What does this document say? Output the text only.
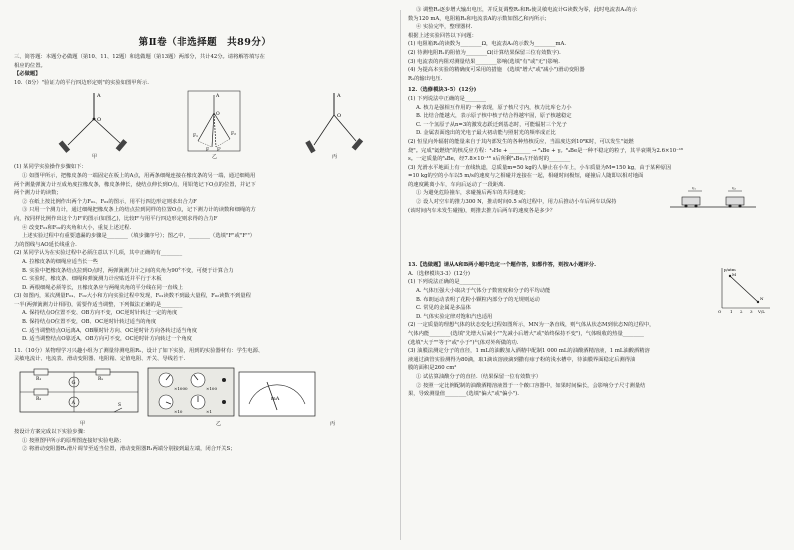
第Ⅱ卷（非选择题　共89分）

三、简答题：本题分必做题（第10、11、12题）和选做题（第13题）两部分，共计42分。请将解答填写在

相应的位置。

【必做题】

10.（8分）"验证力的平行四边形定则"的实验如图甲所示.

A
O
甲
A
O
F₁	F₂
F F'
乙
A
O
丙

(1) 某同学实验操作步骤如下：

① 如图甲所示，把橡皮条的一端固定在板上的A点，用两条细绳连接在橡皮条的另一端，通过细绳用

两个测量弹簧力计互成角度拉橡皮条，橡皮条伸长，使结点伸长到O点，用铅笔记下O点的位置，并记下

两个测力计的读数；

② 在纸上按比例作出两个力F₀₁、F₀₂的图示，用平行四边形定则求出合力F

③ 只用一个测力计，通过细绳把橡皮条上的结点拉到同样的位置O点，记下测力计的读数和细绳的方

向，按同样比例作出这个力F'的图示(如图乙)，比较F'与用平行四边形定则求得的合力F

④ 改变F₀₁和F₀₂的夹角和大小，重复上述过程.

上述实验过程中有重要遗漏的步骤是________（填步骤序号）；图乙中，________（选填"F"或"F'"）

力的图线与AO延长线重合.

(2) 某同学认为在实验过程中必须注意以下几项，其中正确的有________

A. 拉橡皮条的细绳应适当长一些

B. 实验中把橡皮条结点拉到O点时，两弹簧测力计之间的夹角为90°不变，可便于计算合力

C. 实验时，橡皮条、细绳和弹簧测力计应贴近并平行于木板

D. 两根细绳必须等长，且橡皮条应与两绳夹角的平分线在同一直线上

(3) 如图丙，某次测量F₀₁、F₀₂大小和方向实验过程中发现，F₀₁读数不到最大量程，F₀₂读数不到量程

一半(两弹簧测力计相同)，需要作适当调整，下列做法正确的是________

A. 保持结点O位置不变、OB方向不变，OC逆时针转过一定的角度

B. 保持结点O位置不变，OB、OC逆时针转过适当的角度

C. 适当调整结点O远离A，OB顺时针方向、OC逆时针方向各转过适当角度

D. 适当调整结点O靠近A，OB方向可不变，OC逆时针方向转过一个角度

11.（10分）某物理学习兴趣小组为了测量待测电阻Rₓ，设计了如下实验，用到的实验器材有：学生电源、

灵敏电流计、电流表、滑动变阻器、电阻箱、定值电阻、开关、导线若干.

G
A
R₁	Rₓ
R₂
S

甲
×1000	×100
×10	×1

乙
mA
丙

按设计方案完成以下实验步骤：

① 按照图甲所示的原理图连接好实验电路；

② 将滑动变阻器R₁滑片调节至适当位置，滑动变阻器R₁两端分别接到最左端，闭合开关S；

③ 调整R₂逐步增大输出电压，并反复调整R₁和R₂使灵敏电流计G读数为零，此时电流表A₁的示

数为120 mA，电阻箱R₂和电流表A的示数如图乙和丙所示；

④ 实验完毕，整理器材.

根据上述实验回答以下问题：

(1) 电阻箱R₂的读数为________Ω，电流表A₁的示数为________mA.

(2) 待测电阻Rₓ的阻值为________Ω(计算结果保留三位有效数字).

(3) 电流表的内阻对测量结果________影响(选填"有"或"无")影响.

(4) 为提高本实验的精确度可采用的措施　 (选填"增大"或"减小")滑动变阻器

R₁的输出电压.

12.（选修模块3-5）(12分)

(1) 下列说法中正确的是________

A. 核力是强相互作用的一种表现，原子核尺寸内，核力比库仑力小

B. 比结合能越大，表示原子核中核子结合得越牢固，原子核越稳定

C. 一个氢原子从n=3的激发态跃迁到基态时，可能辐射三个光子

D. 金属表面逸出的光电子最大初动能与照射光的频率成正比

(2) 恒星向外辐射的能量来自于其内部发生的各种热核反应，当温度达到10⁸K时，可以发生"氦燃

烧"。完成"氦燃烧"的核反应方程：⁴₂He + ________ → ⁸₄Be + γ。⁸₄Be是一种不稳定的粒子，其半衰期为2.6×10⁻¹⁶

s。一定质量的⁸₄Be，经7.8×10⁻¹⁶ s后所剩⁸₄Be占开始时的________

(3) 光滑水平地面上有一直线轨道，总质量m=50 kg的人静止在小车上，小车质量为M=150 kg，由于某种原因

=10 kg的空的小车以5 m/s的速度与之相碰并连接在一起，相碰时间极短，碰撞后人随即以相对地面

的速度跳离小车，车向后运动了一段距离.

① 为避免危险撞车，求碰撞后两车的共同速度；

② 设人对空车的推力300 N，推动时间0.5 s的过程中，用力后推动小车后两车以保持

(该时间内车未发生碰撞)，则推去推力后两车的速度各是多少？

v₁	v₂

13.【选做题】请从A和B两小题中选定一个题作答，如都作答，则按A小题评分.

A.（选修模块3-3）(12分)

p/atm
V/L
M
N
O 1 2 3

(1) 下列说法正确的是________

A. 气体压强大小取决于气体分子数密度和分子的平均动能

B. 布朗运动表明了花粉小颗粒内部分子的无规则运动

C. 常见的金属是多晶体

D. 气体实验定律对饱和汽也适用

(2) 一定质量的理想气体的状态变化过程如图所示，MN为一条直线，则气体从状态M到状态N的过程中，

气体内能________(选填"先增大后减小""先减小后增大"或"始终保持不变")，气体吸收的热量________

(选填"大于""等于"或"小于")气体对外所做的功.

(3) 油膜法测定分子的直径，1 mL的油酸加入酒精中配制1 000 mL的油酸酒精溶液，1 mL油酸酒精溶

液通过滴管实验测得为80滴，取1滴该溶液滴到撒有痱子粉的浅水槽中，待油膜界面稳定后测得油

膜的面积是260 cm²

① 试估算油酸分子的直径.（结果保留一位有效数字）

② 按照一定比例配制的油酸酒精溶液置于一个敞口容器中，如果时间偏长，会影响分子尺寸测量结

果，导致测量值________(选填"偏大"或"偏小").
